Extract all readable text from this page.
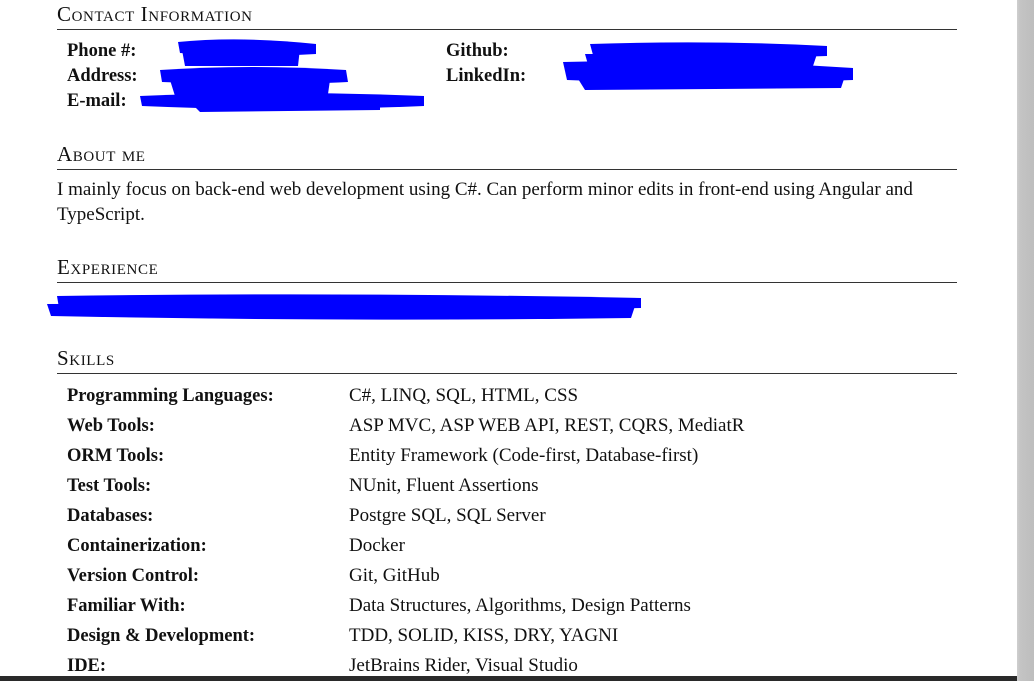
Contact Information
Phone #:
Address:
E-mail:
Github:
LinkedIn:
About me
I mainly focus on back-end web development using C#. Can perform minor edits in front-end using Angular and TypeScript.
Experience
Skills
Programming Languages:	C#, LINQ, SQL, HTML, CSS
Web Tools:	ASP MVC, ASP WEB API, REST, CQRS, MediatR
ORM Tools:	Entity Framework (Code-first, Database-first)
Test Tools:	NUnit, Fluent Assertions
Databases:	Postgre SQL, SQL Server
Containerization:	Docker
Version Control:	Git, GitHub
Familiar With:	Data Structures, Algorithms, Design Patterns
Design & Development:	TDD, SOLID, KISS, DRY, YAGNI
IDE:	JetBrains Rider, Visual Studio
